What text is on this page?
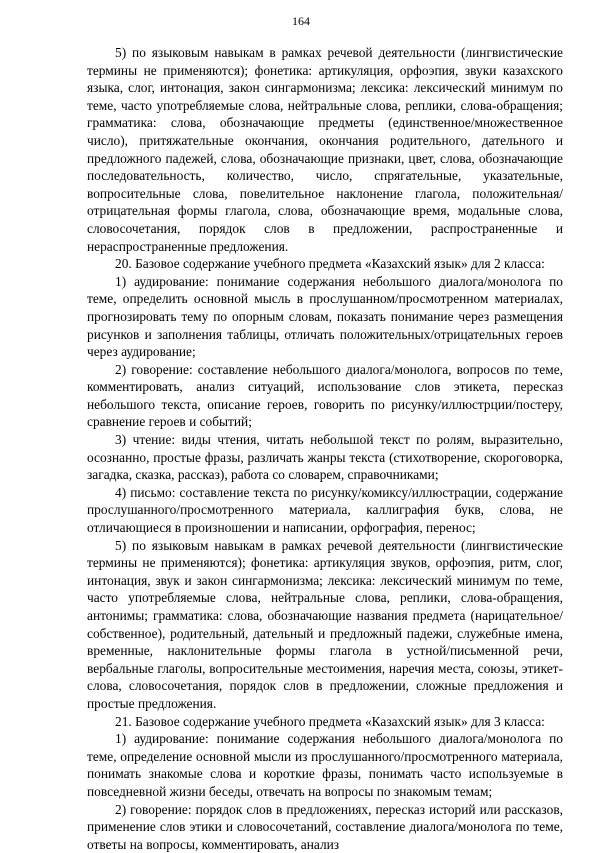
164

5) по языковым навыкам в рамках речевой деятельности (лингвистические термины не применяются); фонетика: артикуляция, орфоэпия, звуки казахского языка, слог, интонация, закон сингармонизма; лексика: лексический минимум по теме, часто употребляемые слова, нейтральные слова, реплики, слова-обращения; грамматика: слова, обозначающие предметы (единственное/множественное число), притяжательные окончания, окончания родительного, дательного и предложного падежей, слова, обозначающие признаки, цвет, слова, обозначающие последовательность, количество, число, спрягательные, указательные, вопросительные слова, повелительное наклонение глагола, положительная/отрицательная формы глагола, слова, обозначающие время, модальные слова, словосочетания, порядок слов в предложении, распространенные и нераспространенные предложения.

20. Базовое содержание учебного предмета «Казахский язык» для 2 класса:

1) аудирование: понимание содержания небольшого диалога/монолога по теме, определить основной мысль в прослушанном/просмотренном материалах, прогнозировать тему по опорным словам, показать понимание через размещения рисунков и заполнения таблицы, отличать положительных/отрицательных героев через аудирование;

2) говорение: составление небольшого диалога/монолога, вопросов по теме, комментировать, анализ ситуаций, использование слов этикета, пересказ небольшого текста, описание героев, говорить по рисунку/иллюстрции/постеру, сравнение героев и событий;

3) чтение: виды чтения, читать небольшой текст по ролям, выразительно, осознанно, простые фразы, различать жанры текста (стихотворение, скороговорка, загадка, сказка, рассказ), работа со словарем, справочниками;

4) письмо: составление текста по рисунку/комиксу/иллюстрации, содержание прослушанного/просмотренного материала, каллиграфия букв, слова, не отличающиеся в произношении и написании, орфография, перенос;

5) по языковым навыкам в рамках речевой деятельности (лингвистические термины не применяются); фонетика: артикуляция звуков, орфоэпия, ритм, слог, интонация, звук и закон сингармонизма; лексика: лексический минимум по теме, часто употребляемые слова, нейтральные слова, реплики, слова-обращения, антонимы; грамматика: слова, обозначающие названия предмета (нарицательное/собственное), родительный, дательный и предложный падежи, служебные имена, временные, наклонительные формы глагола в устной/письменной речи, вербальные глаголы, вопросительные местоимения, наречия места, союзы, этикет-слова, словосочетания, порядок слов в предложении, сложные предложения и простые предложения.

21. Базовое содержание учебного предмета «Казахский язык» для 3 класса:

1) аудирование: понимание содержания небольшого диалога/монолога по теме, определение основной мысли из прослушанного/просмотренного материала, понимать знакомые слова и короткие фразы, понимать часто используемые в повседневной жизни беседы, отвечать на вопросы по знакомым темам;

2) говорение: порядок слов в предложениях, пересказ историй или рассказов, применение слов этики и словосочетаний, составление диалога/монолога по теме, ответы на вопросы, комментировать, анализ
